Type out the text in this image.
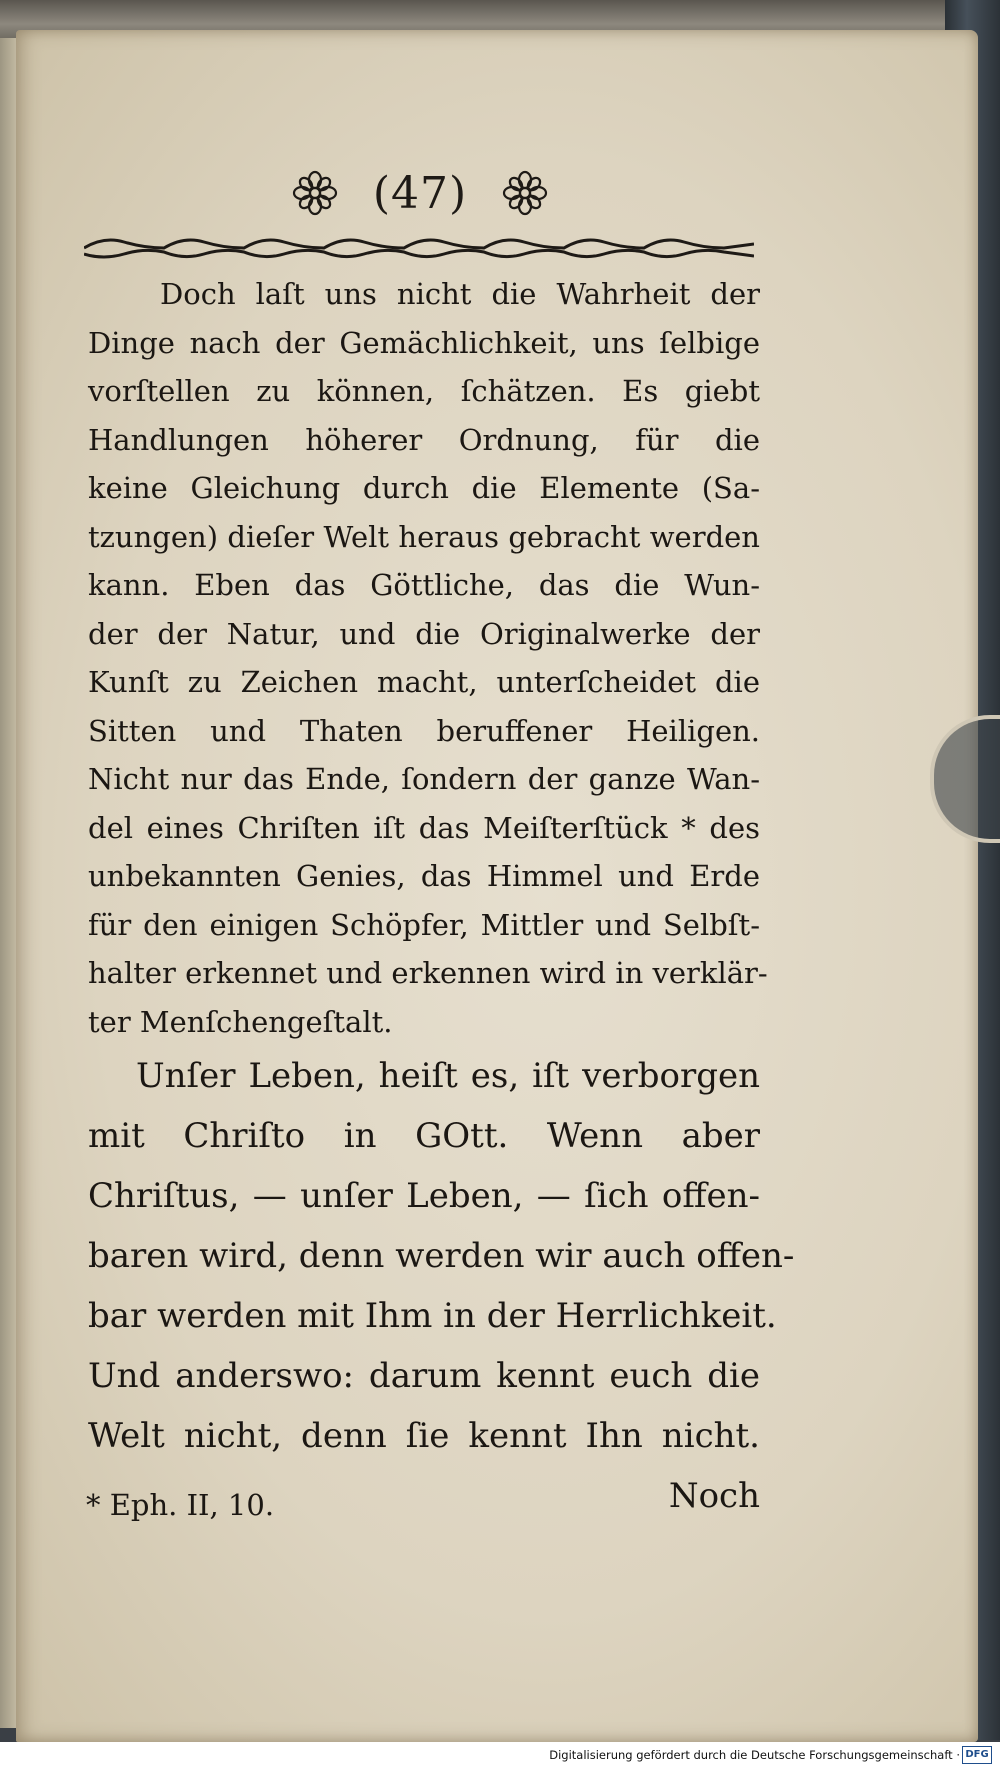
(47)
Doch laſt uns nicht die Wahrheit der
Dinge nach der Gemächlichkeit, uns ſelbige
vorſtellen zu können, ſchätzen. Es giebt
Handlungen höherer Ordnung, für die
keine Gleichung durch die Elemente (Sa-
tzungen) dieſer Welt heraus gebracht werden
kann. Eben das Göttliche, das die Wun-
der der Natur, und die Originalwerke der
Kunſt zu Zeichen macht, unterſcheidet die
Sitten und Thaten beruffener Heiligen.
Nicht nur das Ende, ſondern der ganze Wan-
del eines Chriſten iſt das Meiſterſtück * des
unbekannten Genies, das Himmel und Erde
für den einigen Schöpfer, Mittler und Selbſt-
halter erkennet und erkennen wird in verklär-
ter Menſchengeſtalt.
Unſer Leben, heiſt es, iſt verborgen
mit Chriſto in GOtt. Wenn aber
Chriſtus, — unſer Leben, — ſich offen-
baren wird, denn werden wir auch offen-
bar werden mit Ihm in der Herrlichkeit.
Und anderswo: darum kennt euch die
Welt nicht, denn ſie kennt Ihn nicht.
Noch
* Eph. II, 10.
Digitalisierung gefördert durch die Deutsche Forschungsgemeinschaft · DFG
